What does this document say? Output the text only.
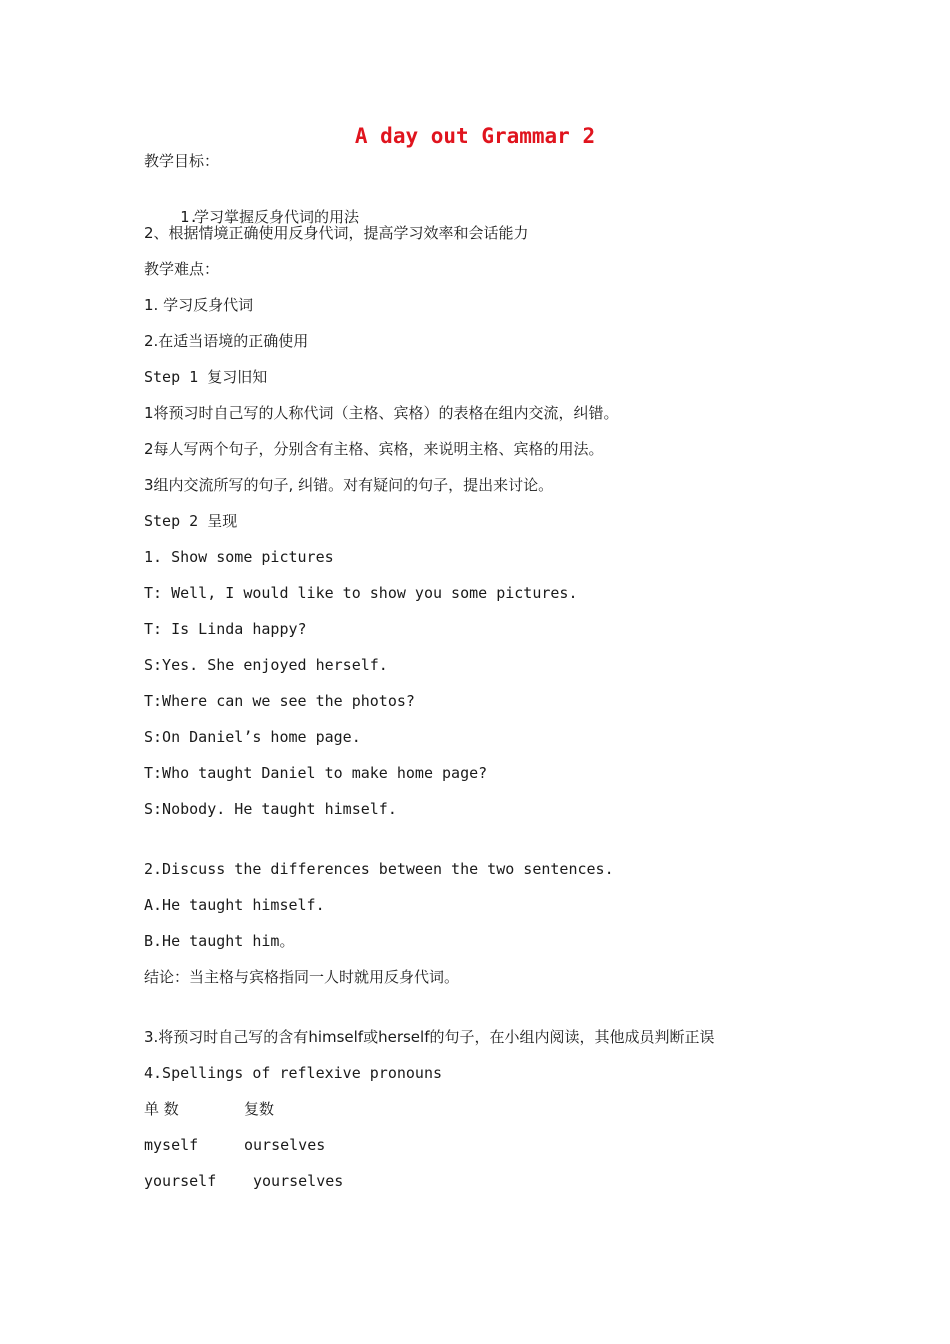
A day out Grammar 2
教学目标：

1.
学习掌握反身代词的用法

2、根据情境正确使用反身代词，提高学习效率和会话能力
教学难点：
1. 学习反身代词
2.在适当语境的正确使用
Step 1 复习旧知
1将预习时自己写的人称代词（主格、宾格）的表格在组内交流，纠错。
2每人写两个句子，分别含有主格、宾格，来说明主格、宾格的用法。
3组内交流所写的句子, 纠错。对有疑问的句子，提出来讨论。
Step 2 呈现
1. Show some pictures
T: Well, I would like to show you some pictures.
T: Is Linda happy?
S:Yes. She enjoyed herself.
T:Where can we see the photos?
S:On Daniel’s home page.
T:Who taught Daniel to make home page?
S:Nobody. He taught himself.
2.Discuss the differences between the two sentences.
A.He taught himself.
B.He taught him。
结论：当主格与宾格指同一人时就用反身代词。
3.将预习时自己写的含有himself或herself的句子，在小组内阅读，其他成员判断正误
4.Spellings of reflexive pronouns
单 数	复数
myself	ourselves
yourself yourselves
